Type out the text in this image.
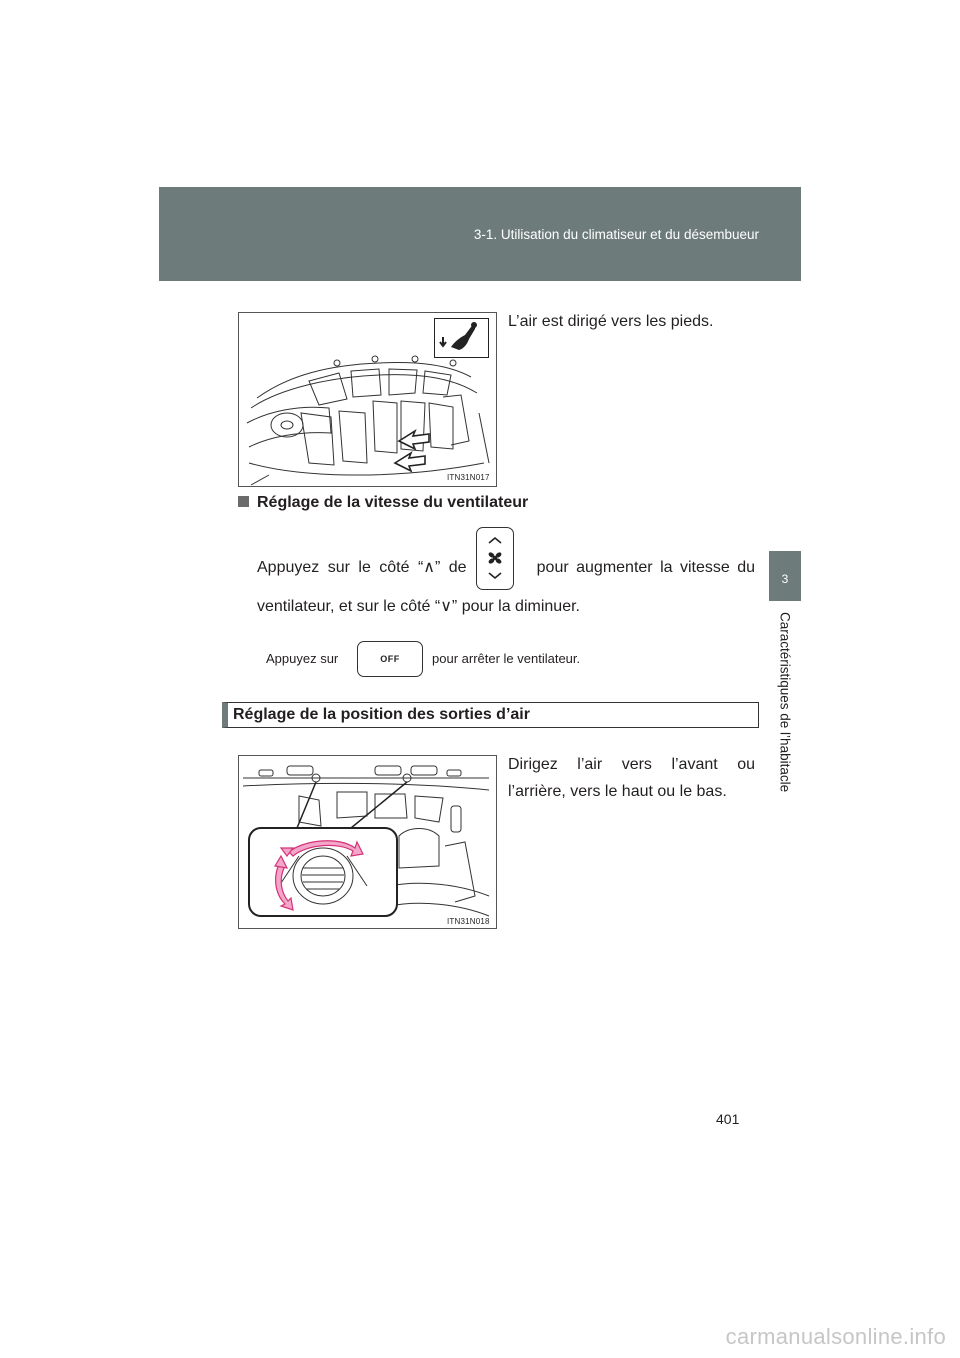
3-1. Utilisation du climatiseur et du désembueur
3
Caractéristiques de l’habitacle
ITN31N017
L’air est dirigé vers les pieds.
Réglage de la vitesse du ventilateur
Appuyez sur le côté “∧” de	pour augmenter la vitesse du
ventilateur, et sur le côté “∨” pour la diminuer.
Appuyez sur	OFF pour arrêter le ventilateur.
Réglage de la position des sorties d’air
ITN31N018
Dirigez l’air vers l’avant ou
l’arrière, vers le haut ou le bas.
401
carmanualsonline.info
